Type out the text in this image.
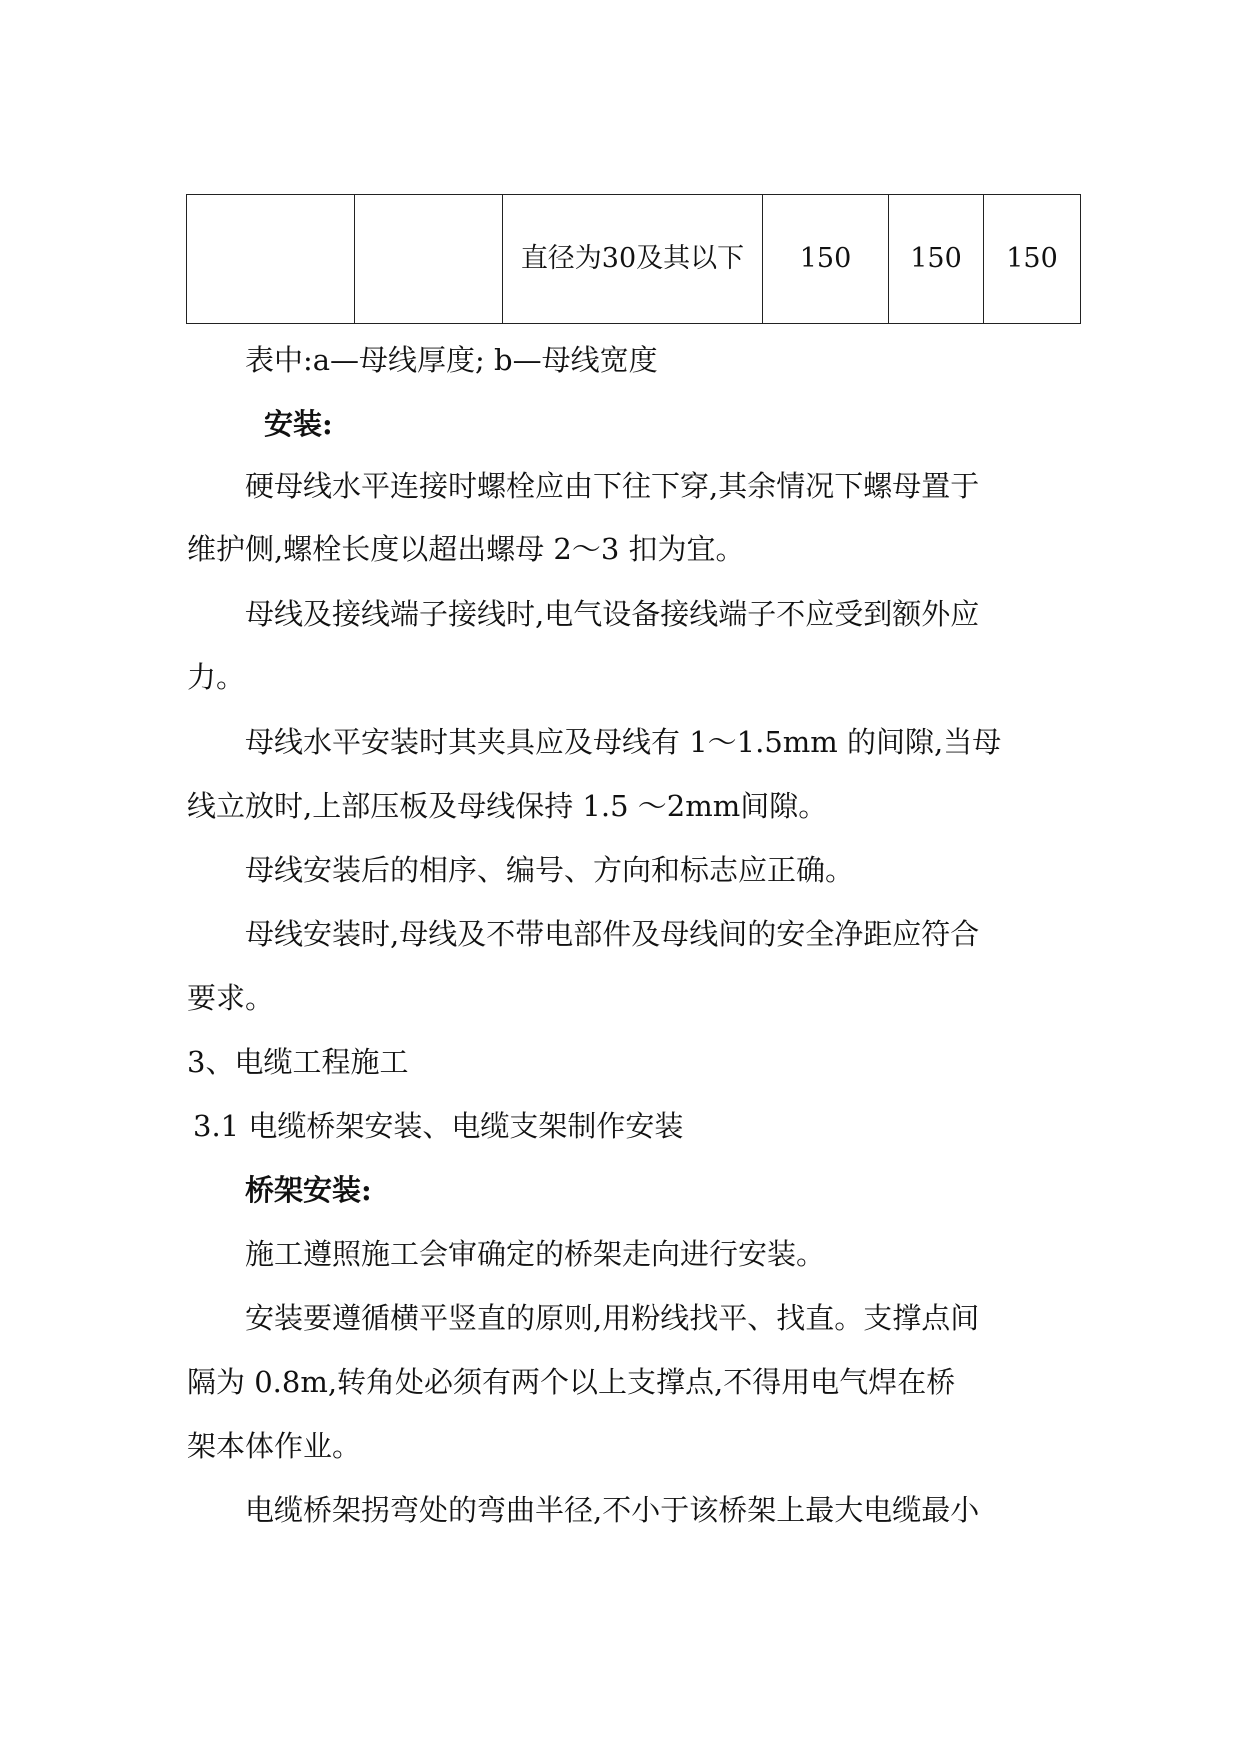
		直径为30及其以下	150	150	150
表中:a—母线厚度; b—母线宽度
安装:
硬母线水平连接时螺栓应由下往下穿,其余情况下螺母置于
维护侧,螺栓长度以超出螺母 2～3 扣为宜。
母线及接线端子接线时,电气设备接线端子不应受到额外应
力。
母线水平安装时其夹具应及母线有 1～1.5mm 的间隙,当母
线立放时,上部压板及母线保持 1.5 ～2mm间隙。
母线安装后的相序、编号、方向和标志应正确。
母线安装时,母线及不带电部件及母线间的安全净距应符合
要求。
3、电缆工程施工
3.1 电缆桥架安装、电缆支架制作安装
桥架安装:
施工遵照施工会审确定的桥架走向进行安装。
安装要遵循横平竖直的原则,用粉线找平、找直。支撑点间
隔为 0.8m,转角处必须有两个以上支撑点,不得用电气焊在桥
架本体作业。
电缆桥架拐弯处的弯曲半径,不小于该桥架上最大电缆最小
